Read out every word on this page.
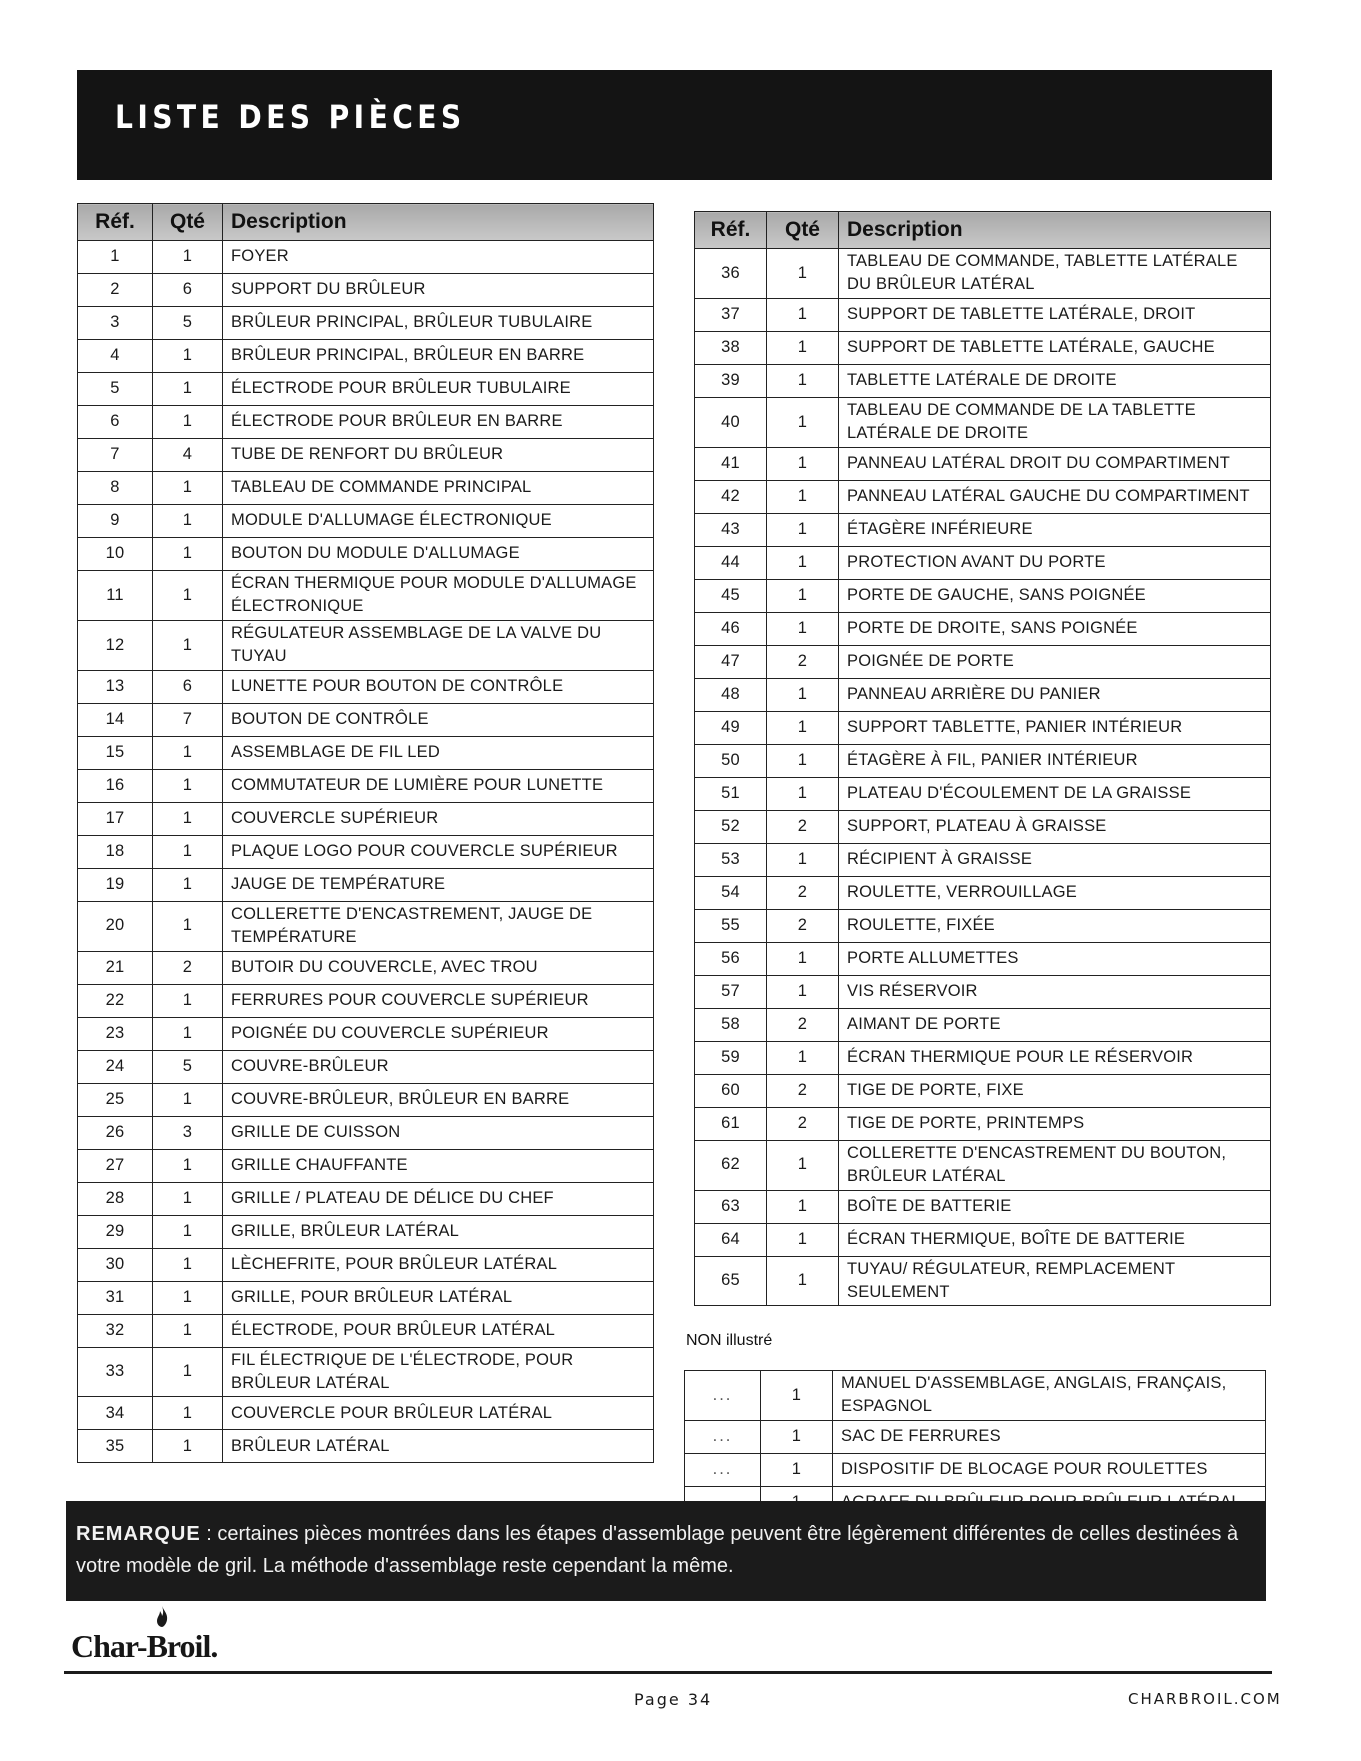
LISTE DES PIÈCES
Réf.	Qté	Description
1	1	FOYER
2	6	SUPPORT DU BRÛLEUR
3	5	BRÛLEUR PRINCIPAL, BRÛLEUR TUBULAIRE
4	1	BRÛLEUR PRINCIPAL, BRÛLEUR EN BARRE
5	1	ÉLECTRODE POUR BRÛLEUR TUBULAIRE
6	1	ÉLECTRODE POUR BRÛLEUR EN BARRE
7	4	TUBE DE RENFORT DU BRÛLEUR
8	1	TABLEAU DE COMMANDE PRINCIPAL
9	1	MODULE D'ALLUMAGE ÉLECTRONIQUE
10	1	BOUTON DU MODULE D'ALLUMAGE
11	1	ÉCRAN THERMIQUE POUR MODULE D'ALLUMAGE ÉLECTRONIQUE
12	1	RÉGULATEUR ASSEMBLAGE DE LA VALVE DU TUYAU
13	6	LUNETTE POUR BOUTON DE CONTRÔLE
14	7	BOUTON DE CONTRÔLE
15	1	ASSEMBLAGE DE FIL LED
16	1	COMMUTATEUR DE LUMIÈRE POUR LUNETTE
17	1	COUVERCLE SUPÉRIEUR
18	1	PLAQUE LOGO POUR COUVERCLE SUPÉRIEUR
19	1	JAUGE DE TEMPÉRATURE
20	1	COLLERETTE D'ENCASTREMENT, JAUGE DE TEMPÉRATURE
21	2	BUTOIR DU COUVERCLE, AVEC TROU
22	1	FERRURES POUR COUVERCLE SUPÉRIEUR
23	1	POIGNÉE DU COUVERCLE SUPÉRIEUR
24	5	COUVRE-BRÛLEUR
25	1	COUVRE-BRÛLEUR, BRÛLEUR EN BARRE
26	3	GRILLE DE CUISSON
27	1	GRILLE CHAUFFANTE
28	1	GRILLE / PLATEAU DE DÉLICE DU CHEF
29	1	GRILLE, BRÛLEUR LATÉRAL
30	1	LÈCHEFRITE, POUR BRÛLEUR LATÉRAL
31	1	GRILLE, POUR BRÛLEUR LATÉRAL
32	1	ÉLECTRODE, POUR BRÛLEUR LATÉRAL
33	1	FIL ÉLECTRIQUE DE L'ÉLECTRODE, POUR BRÛLEUR LATÉRAL
34	1	COUVERCLE POUR BRÛLEUR LATÉRAL
35	1	BRÛLEUR LATÉRAL
Réf.	Qté	Description
36	1	TABLEAU DE COMMANDE, TABLETTE LATÉRALE DU BRÛLEUR LATÉRAL
37	1	SUPPORT DE TABLETTE LATÉRALE, DROIT
38	1	SUPPORT DE TABLETTE LATÉRALE, GAUCHE
39	1	TABLETTE LATÉRALE DE DROITE
40	1	TABLEAU DE COMMANDE DE LA TABLETTE LATÉRALE DE DROITE
41	1	PANNEAU LATÉRAL DROIT DU COMPARTIMENT
42	1	PANNEAU LATÉRAL GAUCHE DU COMPARTIMENT
43	1	ÉTAGÈRE INFÉRIEURE
44	1	PROTECTION AVANT DU PORTE
45	1	PORTE DE GAUCHE, SANS POIGNÉE
46	1	PORTE DE DROITE, SANS POIGNÉE
47	2	POIGNÉE DE PORTE
48	1	PANNEAU ARRIÈRE DU PANIER
49	1	SUPPORT TABLETTE, PANIER INTÉRIEUR
50	1	ÉTAGÈRE À FIL, PANIER INTÉRIEUR
51	1	PLATEAU D'ÉCOULEMENT DE LA GRAISSE
52	2	SUPPORT, PLATEAU À GRAISSE
53	1	RÉCIPIENT À GRAISSE
54	2	ROULETTE, VERROUILLAGE
55	2	ROULETTE, FIXÉE
56	1	PORTE ALLUMETTES
57	1	VIS RÉSERVOIR
58	2	AIMANT DE PORTE
59	1	ÉCRAN THERMIQUE POUR LE RÉSERVOIR
60	2	TIGE DE PORTE, FIXE
61	2	TIGE DE PORTE, PRINTEMPS
62	1	COLLERETTE D'ENCASTREMENT DU BOUTON, BRÛLEUR LATÉRAL
63	1	BOÎTE DE BATTERIE
64	1	ÉCRAN THERMIQUE, BOÎTE DE BATTERIE
65	1	TUYAU/ RÉGULATEUR, REMPLACEMENT SEULEMENT
NON illustré
...	1	MANUEL D'ASSEMBLAGE, ANGLAIS, FRANÇAIS, ESPAGNOL
...	1	SAC DE FERRURES
...	1	DISPOSITIF DE BLOCAGE POUR ROULETTES

REMARQUE : certaines pièces montrées dans les étapes d'assemblage peuvent être légèrement différentes de celles destinées à votre modèle de gril. La méthode d'assemblage reste cependant la même.
Char-Broil.
Page 34	CHARBROIL.COM
